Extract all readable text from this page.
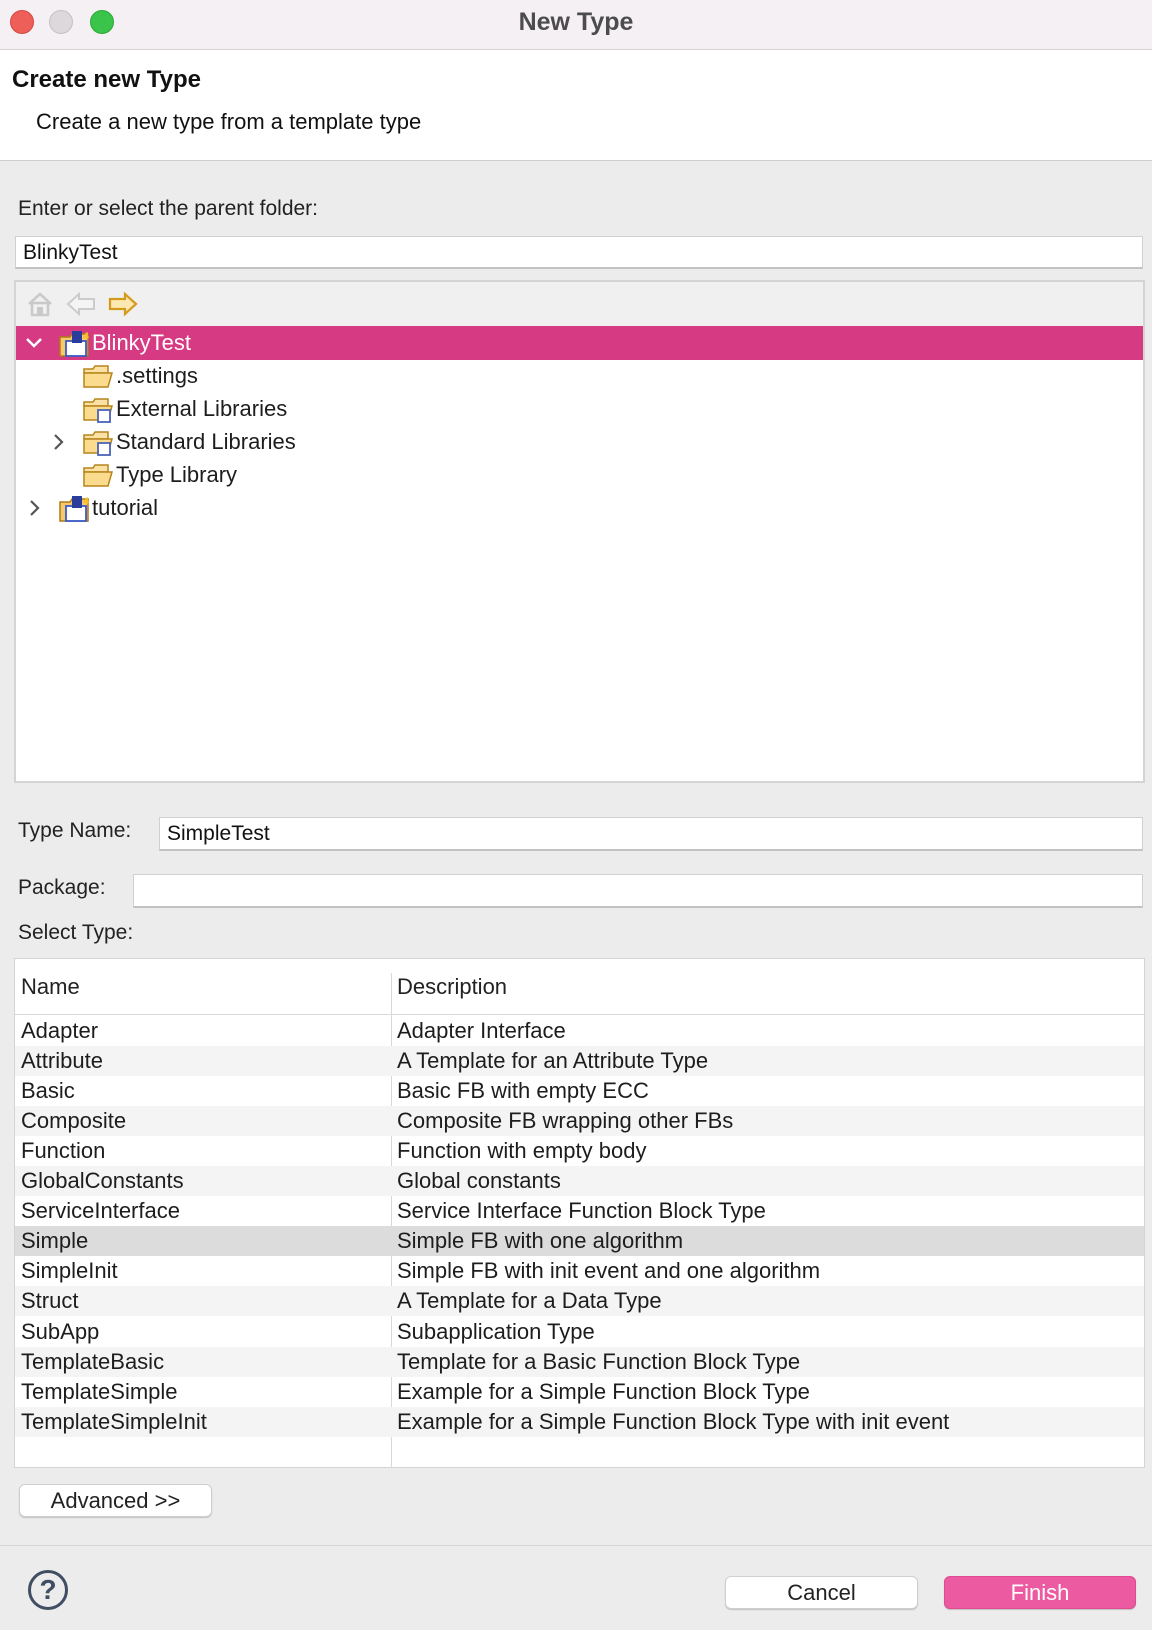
New Type
Create new Type
Create a new type from a template type
Enter or select the parent folder:
BlinkyTest
4 BlinkyTest
.settings
External Libraries
Standard Libraries
Type Library
4 tutorial
Type Name:	SimpleTest
Package:
Select Type:
Name	Description
Adapter	Adapter Interface
Attribute	A Template for an Attribute Type
Basic	Basic FB with empty ECC
Composite	Composite FB wrapping other FBs
Function	Function with empty body
GlobalConstants	Global constants
ServiceInterface	Service Interface Function Block Type
Simple	Simple FB with one algorithm
SimpleInit	Simple FB with init event and one algorithm
Struct	A Template for a Data Type
SubApp	Subapplication Type
TemplateBasic	Template for a Basic Function Block Type
TemplateSimple	Example for a Simple Function Block Type
TemplateSimpleInit	Example for a Simple Function Block Type with init event
Advanced >>
?	Cancel	Finish
